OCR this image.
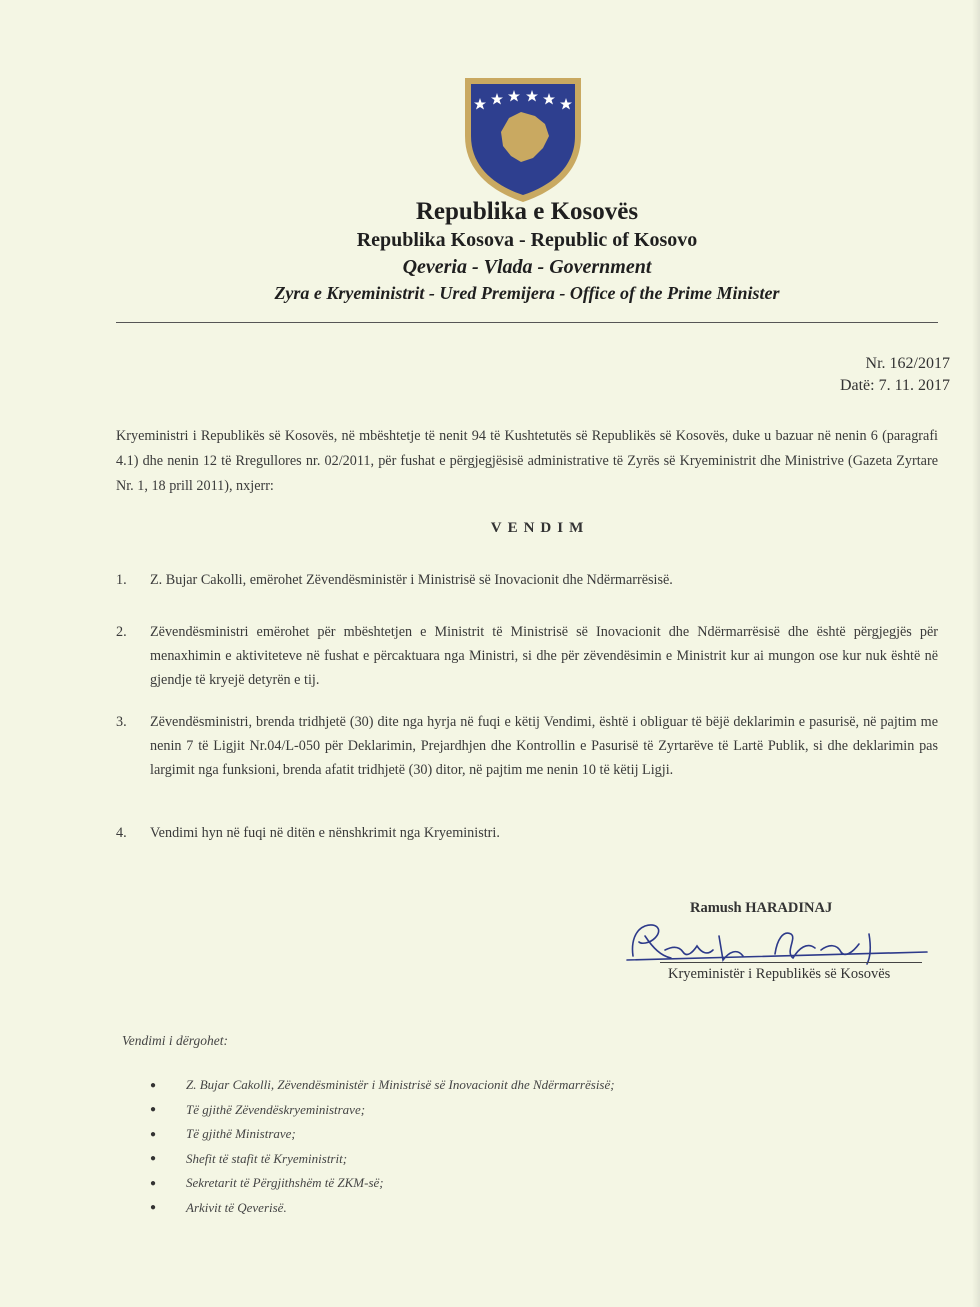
Republika e Kosovës
Republika Kosova - Republic of Kosovo
Qeveria - Vlada - Government
Zyra e Kryeministrit - Ured Premijera - Office of the Prime Minister
Nr. 162/2017
Datë: 7. 11. 2017
Kryeministri i Republikës së Kosovës, në mbështetje të nenit 94 të Kushtetutës së Republikës së Kosovës, duke u bazuar në nenin 6 (paragrafi 4.1) dhe nenin 12 të Rregullores nr. 02/2011, për fushat e përgjegjësisë administrative të Zyrës së Kryeministrit dhe Ministrive (Gazeta Zyrtare Nr. 1, 18 prill 2011), nxjerr:
VENDIM
1.	Z. Bujar Cakolli, emërohet Zëvendësministër i Ministrisë së Inovacionit dhe Ndërmarrësisë.
2.	Zëvendësministri emërohet për mbështetjen e Ministrit të Ministrisë së Inovacionit dhe Ndërmarrësisë dhe është përgjegjës për menaxhimin e aktiviteteve në fushat e përcaktuara nga Ministri, si dhe për zëvendësimin e Ministrit kur ai mungon ose kur nuk është në gjendje të kryejë detyrën e tij.
3.	Zëvendësministri, brenda tridhjetë (30) dite nga hyrja në fuqi e këtij Vendimi, është i obliguar të bëjë deklarimin e pasurisë, në pajtim me nenin 7 të Ligjit Nr.04/L-050 për Deklarimin, Prejardhjen dhe Kontrollin e Pasurisë të Zyrtarëve të Lartë Publik, si dhe deklarimin pas largimit nga funksioni, brenda afatit tridhjetë (30) ditor, në pajtim me nenin 10 të këtij Ligji.
4.	Vendimi hyn në fuqi në ditën e nënshkrimit nga Kryeministri.
Ramush HARADINAJ
Kryeministër i Republikës së Kosovës
Vendimi i dërgohet:
●	Z. Bujar Cakolli, Zëvendësministër i Ministrisë së Inovacionit dhe Ndërmarrësisë;
●	Të gjithë Zëvendëskryeministrave;
●	Të gjithë Ministrave;
●	Shefit të stafit të Kryeministrit;
●	Sekretarit të Përgjithshëm të ZKM-së;
●	Arkivit të Qeverisë.
